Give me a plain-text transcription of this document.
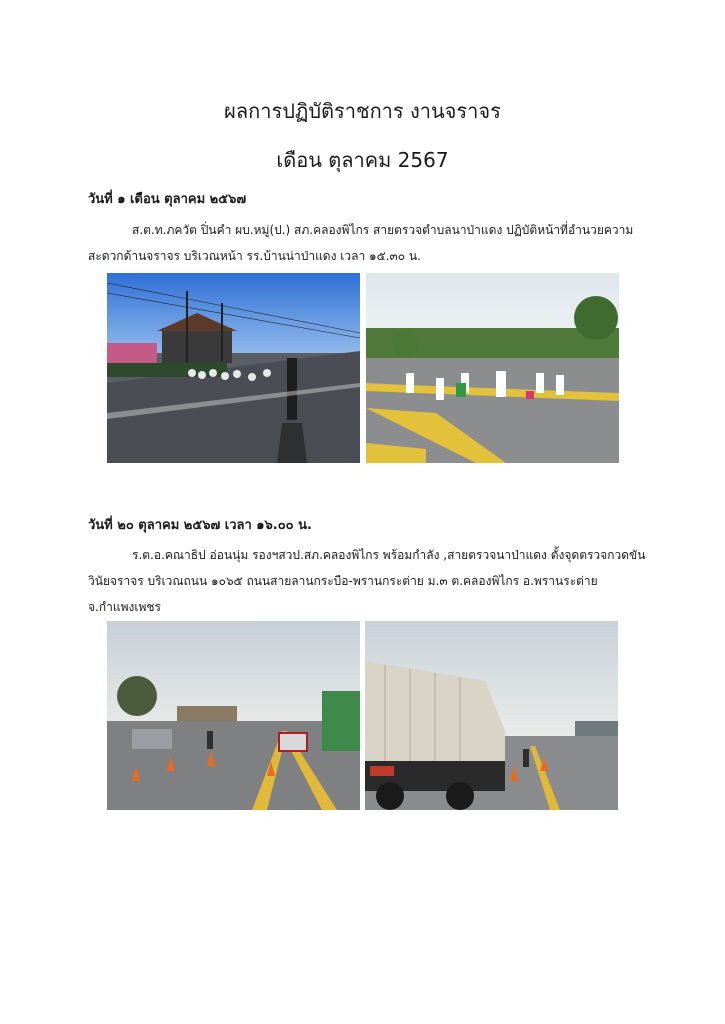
ผลการปฏิบัติราชการ งานจราจร
เดือน ตุลาคม 2567

วันที่ ๑ เดือน ตุลาคม ๒๕๖๗

ส.ต.ท.ภควัต ปิ่นคำ ผบ.หมู่(ป.) สภ.คลองพิไกร สายตรวจตำบลนาป่าแดง ปฏิบัติหน้าที่อำนวยความสะดวกด้านจราจร บริเวณหน้า รร.บ้านน่าป่าแดง เวลา ๑๕.๓๐ น.

วันที่ ๒๐ ตุลาคม ๒๕๖๗ เวลา ๑๖.๐๐ น.

ร.ต.อ.คณาธิป อ่อนนุ่ม รองฯสวป.สภ.คลองพิไกร พร้อมกำลัง ,สายตรวจนาป่าแดง ตั้งจุดตรวจกวดขันวินัยจราจร บริเวณถนน ๑๐๖๕ ถนนสายลานกระบือ-พรานกระต่าย ม.๓ ต.คลองพิไกร อ.พรานระต่าย จ.กำแพงเพชร
